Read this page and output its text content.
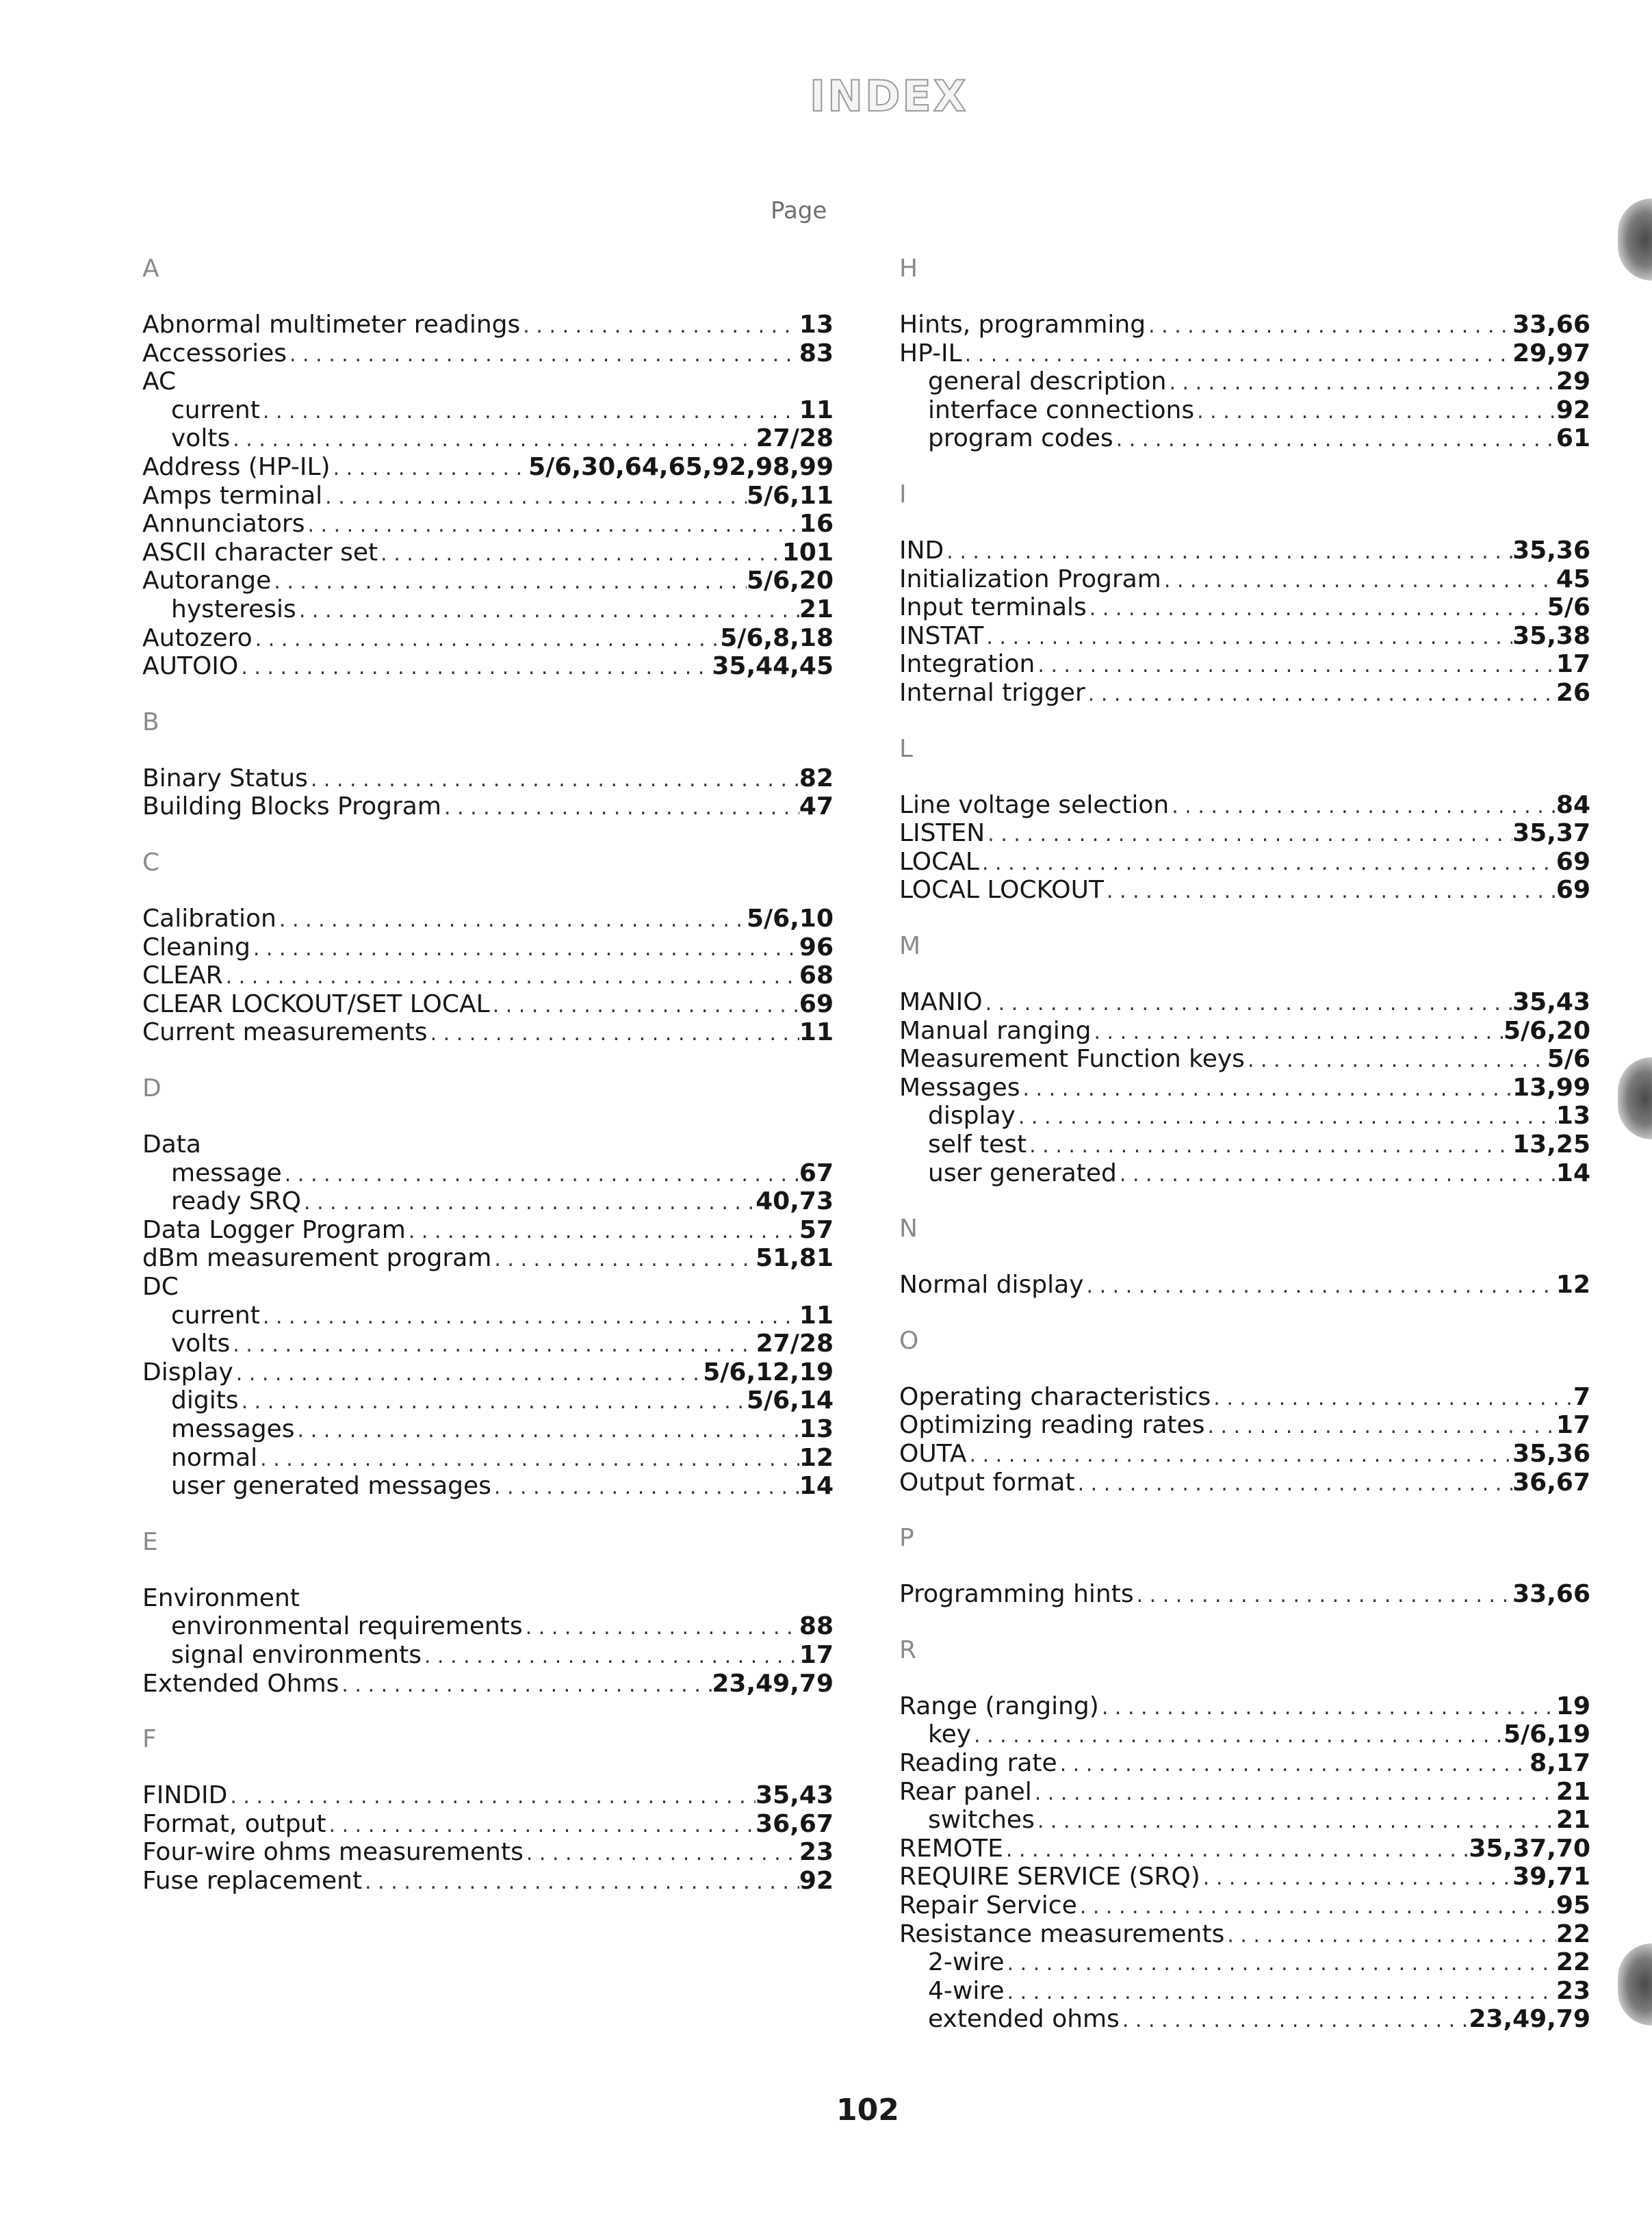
INDEX
Page
A
Abnormal multimeter readings . . .	13
Accessories . . .	83
AC
current . . .	11
volts . . .	27/28
Address (HP-IL) . . .	5/6,30,64,65,92,98,99
Amps terminal . . .	5/6,11
Annunciators . . .	16
ASCII character set . . .	101
Autorange . . .	5/6,20
hysteresis . . .	21
Autozero . . .	5/6,8,18
AUTOIO . . .	35,44,45
B
Binary Status . . .	82
Building Blocks Program . . .	47
C
Calibration . . .	5/6,10
Cleaning . . .	96
CLEAR . . .	68
CLEAR LOCKOUT/SET LOCAL . . .	69
Current measurements . . .	11
D
Data
message . . .	67
ready SRQ . . .	40,73
Data Logger Program . . .	57
dBm measurement program . . .	51,81
DC
current . . .	11
volts . . .	27/28
Display . . .	5/6,12,19
digits . . .	5/6,14
messages . . .	13
normal . . .	12
user generated messages . . .	14
E
Environment
environmental requirements . . .	88
signal environments . . .	17
Extended Ohms . . .	23,49,79
F
FINDID . . .	35,43
Format, output . . .	36,67
Four-wire ohms measurements . . .	23
Fuse replacement . . .	92
H
Hints, programming . . .	33,66
HP-IL . . .	29,97
general description . . .	29
interface connections . . .	92
program codes . . .	61
I
IND . . .	35,36
Initialization Program . . .	45
Input terminals . . .	5/6
INSTAT . . .	35,38
Integration . . .	17
Internal trigger . . .	26
L
Line voltage selection . . .	84
LISTEN . . .	35,37
LOCAL . . .	69
LOCAL LOCKOUT . . .	69
M
MANIO . . .	35,43
Manual ranging . . .	5/6,20
Measurement Function keys . . .	5/6
Messages . . .	13,99
display . . .	13
self test . . .	13,25
user generated . . .	14
N
Normal display . . .	12
O
Operating characteristics . . .	7
Optimizing reading rates . . .	17
OUTA . . .	35,36
Output format . . .	36,67
P
Programming hints . . .	33,66
R
Range (ranging) . . .	19
key . . .	5/6,19
Reading rate . . .	8,17
Rear panel . . .	21
switches . . .	21
REMOTE . . .	35,37,70
REQUIRE SERVICE (SRQ) . . .	39,71
Repair Service . . .	95
Resistance measurements . . .	22
2-wire . . .	22
4-wire . . .	23
extended ohms . . .	23,49,79
102
